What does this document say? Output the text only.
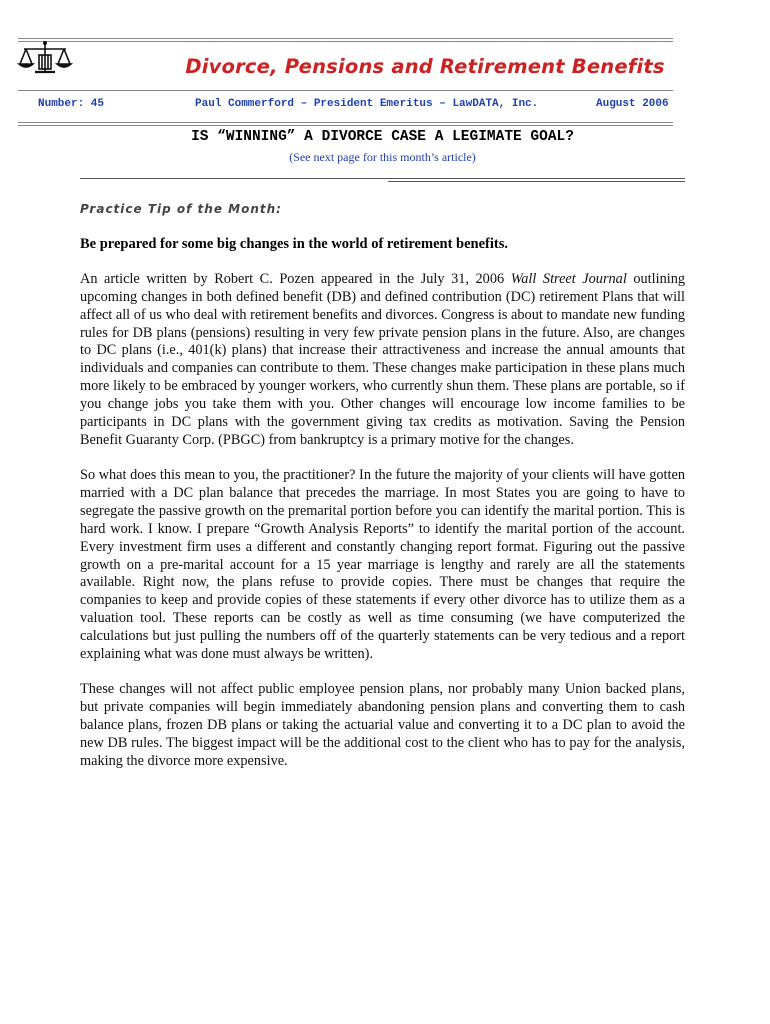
Divorce, Pensions and Retirement Benefits
Number: 45	Paul Commerford – President Emeritus – LawDATA, Inc.	August 2006
IS “WINNING” A DIVORCE CASE A LEGIMATE GOAL?
(See next page for this month’s article)
Practice Tip of the Month:
Be prepared for some big changes in the world of retirement benefits.

An article written by Robert C. Pozen appeared in the July 31, 2006 Wall Street Journal outlining upcoming changes in both defined benefit (DB) and defined contribution (DC) retirement Plans that will affect all of us who deal with retirement benefits and divorces. Congress is about to mandate new funding rules for DB plans (pensions) resulting in very few private pension plans in the future. Also, are changes to DC plans (i.e., 401(k) plans) that increase their attractiveness and increase the annual amounts that individuals and companies can contribute to them. These changes make participation in these plans much more likely to be embraced by younger workers, who currently shun them. These plans are portable, so if you change jobs you take them with you. Other changes will encourage low income families to be participants in DC plans with the government giving tax credits as motivation. Saving the Pension Benefit Guaranty Corp. (PBGC) from bankruptcy is a primary motive for the changes.

So what does this mean to you, the practitioner? In the future the majority of your clients will have gotten married with a DC plan balance that precedes the marriage. In most States you are going to have to segregate the passive growth on the premarital portion before you can identify the marital portion. This is hard work. I know. I prepare “Growth Analysis Reports” to identify the marital portion of the account. Every investment firm uses a different and constantly changing report format. Figuring out the passive growth on a pre-marital account for a 15 year marriage is lengthy and rarely are all the statements available. Right now, the plans refuse to provide copies. There must be changes that require the companies to keep and provide copies of these statements if every other divorce has to utilize them as a valuation tool. These reports can be costly as well as time consuming (we have computerized the calculations but just pulling the numbers off of the quarterly statements can be very tedious and a report explaining what was done must always be written).

These changes will not affect public employee pension plans, nor probably many Union backed plans, but private companies will begin immediately abandoning pension plans and converting them to cash balance plans, frozen DB plans or taking the actuarial value and converting it to a DC plan to avoid the new DB rules. The biggest impact will be the additional cost to the client who has to pay for the analysis, making the divorce more expensive.
